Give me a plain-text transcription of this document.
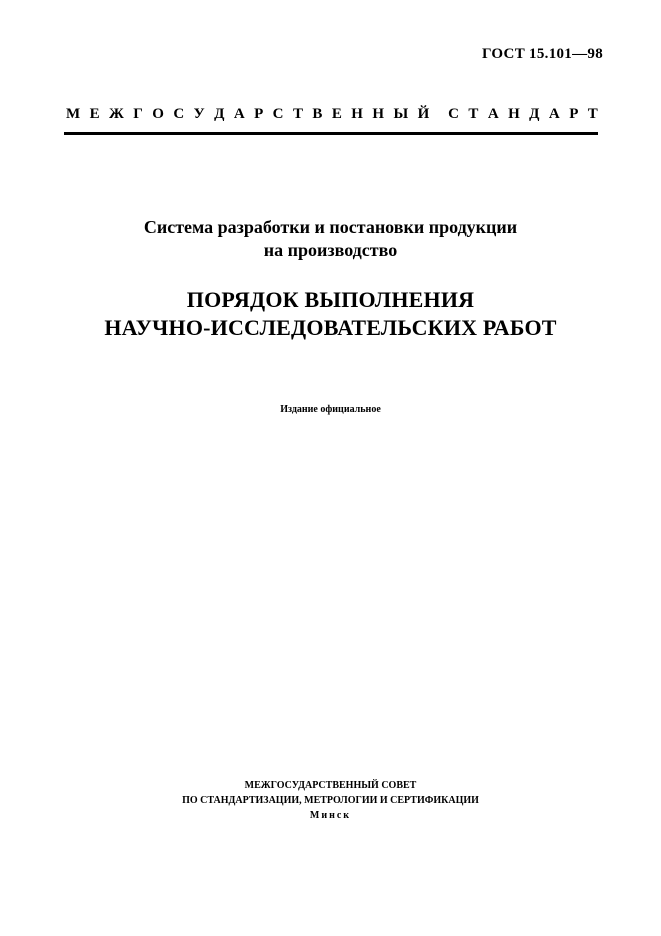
ГОСТ 15.101—98
М Е Ж Г О С У Д А Р С Т В Е Н Н Ы Й С Т А Н Д А Р Т
Система разработки и постановки продукции
на производство
ПОРЯДОК ВЫПОЛНЕНИЯ
НАУЧНО-ИССЛЕДОВАТЕЛЬСКИХ РАБОТ
Издание официальное
МЕЖГОСУДАРСТВЕННЫЙ СОВЕТ
ПО СТАНДАРТИЗАЦИИ, МЕТРОЛОГИИ И СЕРТИФИКАЦИИ
Минск
